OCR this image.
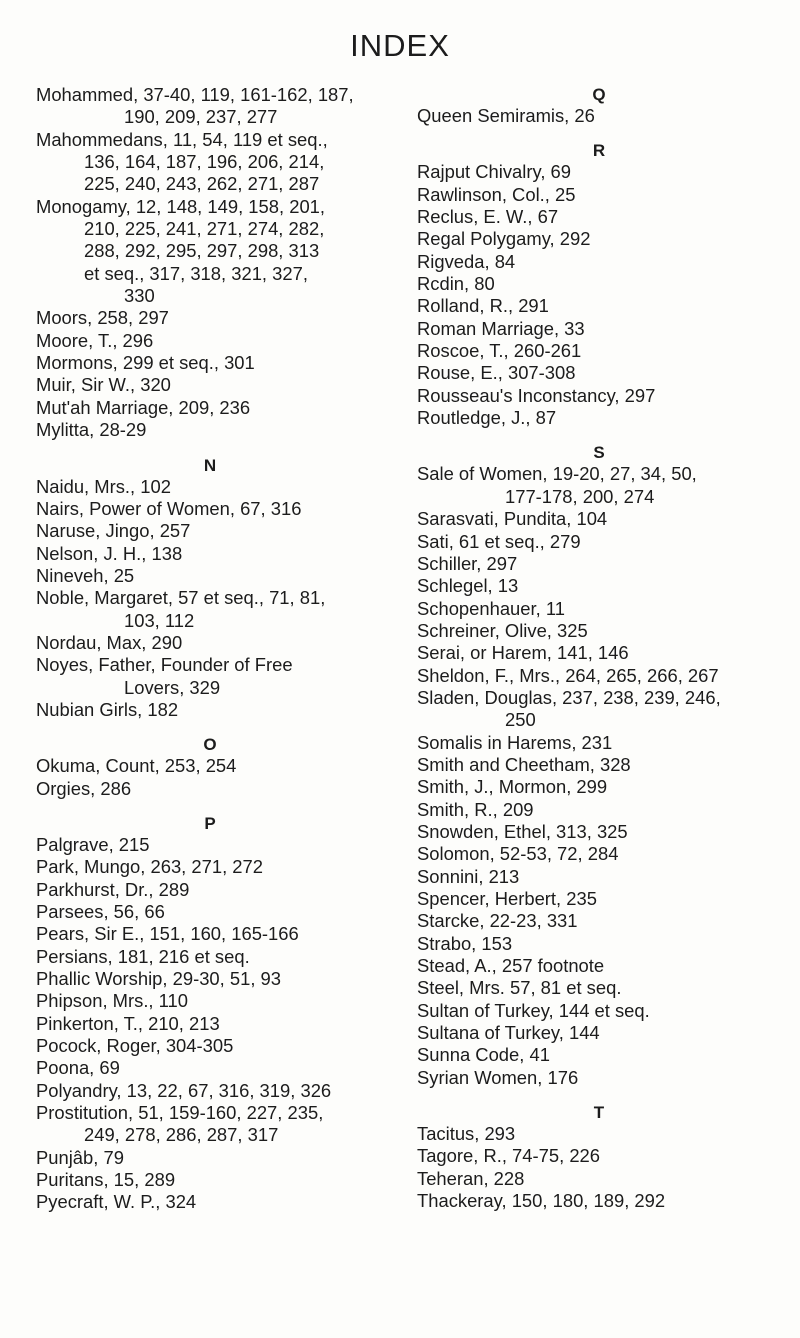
INDEX
Mohammed, 37-40, 119, 161-162, 187,
190, 209, 237, 277
Mahommedans, 11, 54, 119 et seq.,
136, 164, 187, 196, 206, 214,
225, 240, 243, 262, 271, 287
Monogamy, 12, 148, 149, 158, 201,
210, 225, 241, 271, 274, 282,
288, 292, 295, 297, 298, 313
et seq., 317, 318, 321, 327,
330
Moors, 258, 297
Moore, T., 296
Mormons, 299 et seq., 301
Muir, Sir W., 320
Mut'ah Marriage, 209, 236
Mylitta, 28-29
N
Naidu, Mrs., 102
Nairs, Power of Women, 67, 316
Naruse, Jingo, 257
Nelson, J. H., 138
Nineveh, 25
Noble, Margaret, 57 et seq., 71, 81,
103, 112
Nordau, Max, 290
Noyes, Father, Founder of Free
Lovers, 329
Nubian Girls, 182
O
Okuma, Count, 253, 254
Orgies, 286
P
Palgrave, 215
Park, Mungo, 263, 271, 272
Parkhurst, Dr., 289
Parsees, 56, 66
Pears, Sir E., 151, 160, 165-166
Persians, 181, 216 et seq.
Phallic Worship, 29-30, 51, 93
Phipson, Mrs., 110
Pinkerton, T., 210, 213
Pocock, Roger, 304-305
Poona, 69
Polyandry, 13, 22, 67, 316, 319, 326
Prostitution, 51, 159-160, 227, 235,
249, 278, 286, 287, 317
Punjâb, 79
Puritans, 15, 289
Pyecraft, W. P., 324
Q
Queen Semiramis, 26
R
Rajput Chivalry, 69
Rawlinson, Col., 25
Reclus, E. W., 67
Regal Polygamy, 292
Rigveda, 84
Rcdin, 80
Rolland, R., 291
Roman Marriage, 33
Roscoe, T., 260-261
Rouse, E., 307-308
Rousseau's Inconstancy, 297
Routledge, J., 87
S
Sale of Women, 19-20, 27, 34, 50,
177-178, 200, 274
Sarasvati, Pundita, 104
Sati, 61 et seq., 279
Schiller, 297
Schlegel, 13
Schopenhauer, 11
Schreiner, Olive, 325
Serai, or Harem, 141, 146
Sheldon, F., Mrs., 264, 265, 266, 267
Sladen, Douglas, 237, 238, 239, 246,
250
Somalis in Harems, 231
Smith and Cheetham, 328
Smith, J., Mormon, 299
Smith, R., 209
Snowden, Ethel, 313, 325
Solomon, 52-53, 72, 284
Sonnini, 213
Spencer, Herbert, 235
Starcke, 22-23, 331
Strabo, 153
Stead, A., 257 footnote
Steel, Mrs. 57, 81 et seq.
Sultan of Turkey, 144 et seq.
Sultana of Turkey, 144
Sunna Code, 41
Syrian Women, 176
T
Tacitus, 293
Tagore, R., 74-75, 226
Teheran, 228
Thackeray, 150, 180, 189, 292
